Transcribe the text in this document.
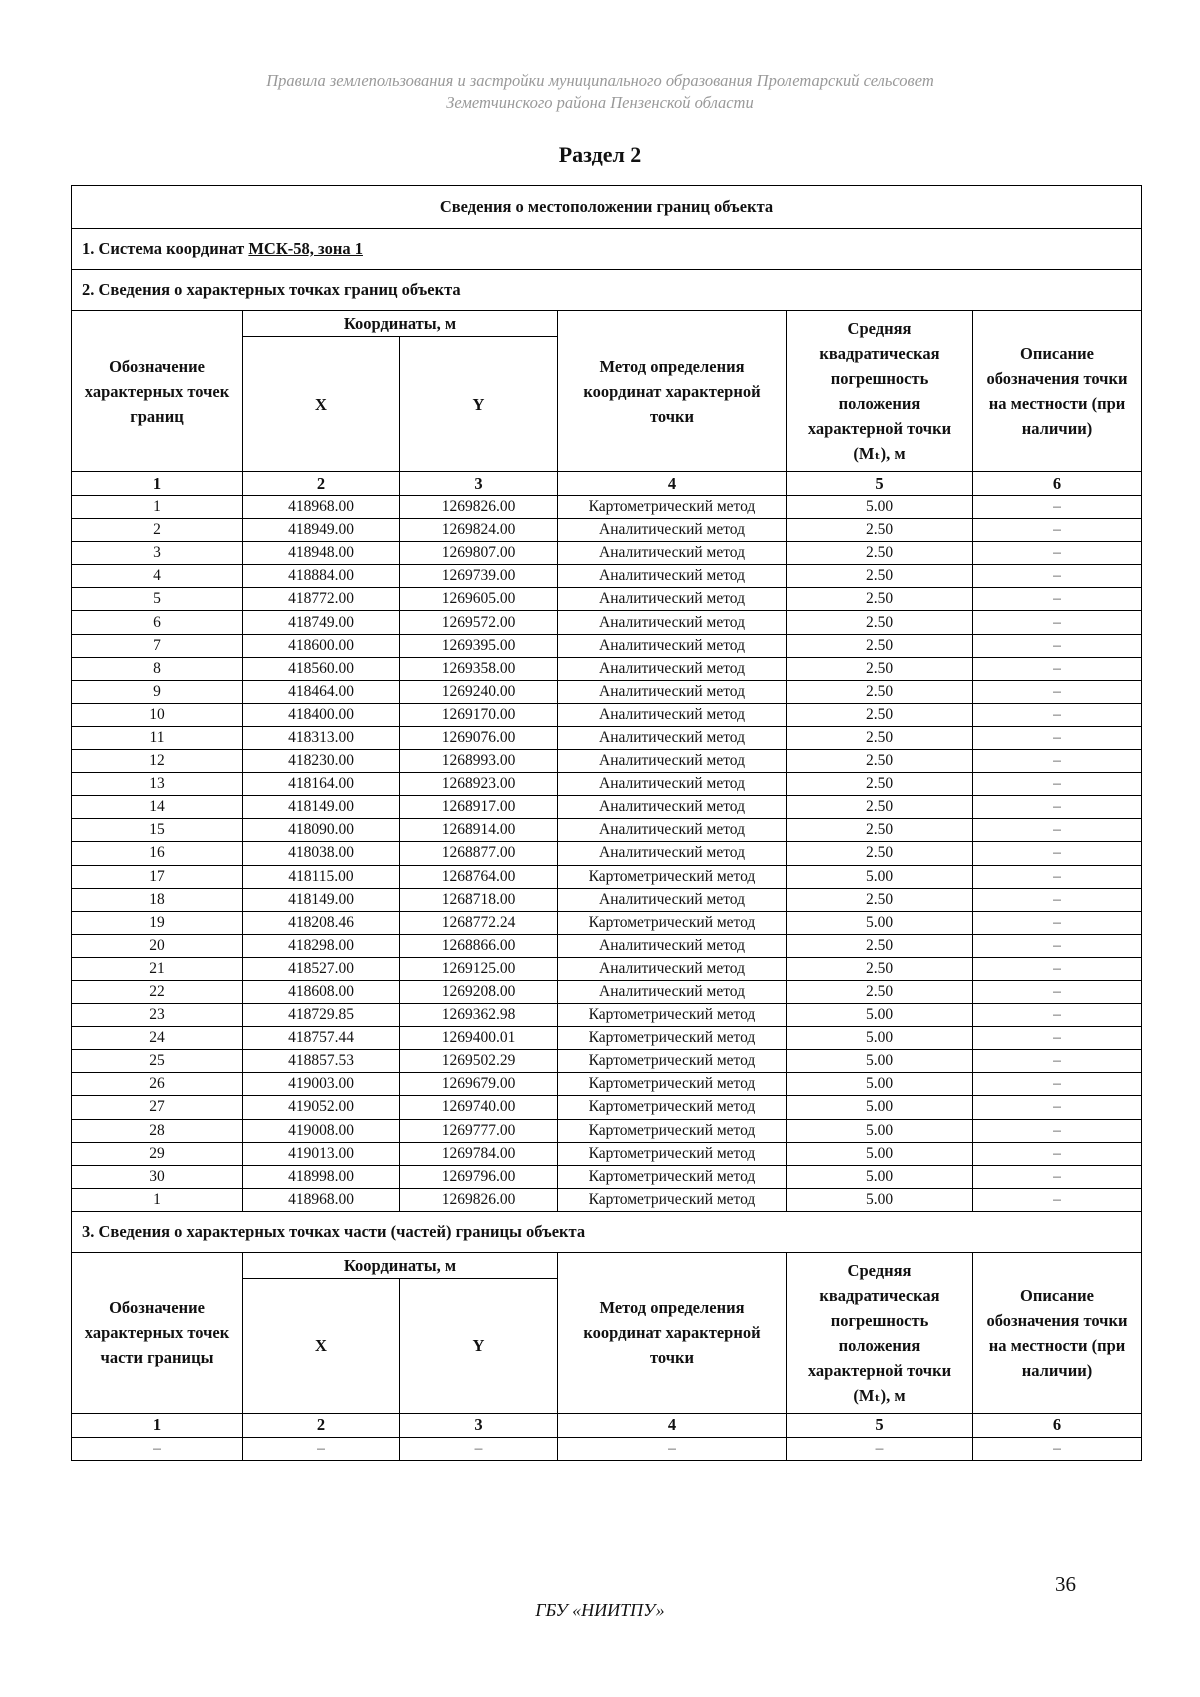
Правила землепользования и застройки муниципального образования Пролетарский сельсовет
Земетчинского района Пензенской области
Раздел 2
Сведения о местоположении границ объекта					
1. Система координат МСК-58, зона 1					
2. Сведения о характерных точках границ объекта					
Обозначение характерных точек границ	Координаты, м		Метод определения координат характерной точки	Средняя квадратическая погрешность положения характерной точки (Mₜ), м	Описание обозначения точки на местности (при наличии)
	X	Y			
1	2	3	4	5	6
1	418968.00	1269826.00	Картометрический метод	5.00	–
2	418949.00	1269824.00	Аналитический метод	2.50	–
3	418948.00	1269807.00	Аналитический метод	2.50	–
4	418884.00	1269739.00	Аналитический метод	2.50	–
5	418772.00	1269605.00	Аналитический метод	2.50	–
6	418749.00	1269572.00	Аналитический метод	2.50	–
7	418600.00	1269395.00	Аналитический метод	2.50	–
8	418560.00	1269358.00	Аналитический метод	2.50	–
9	418464.00	1269240.00	Аналитический метод	2.50	–
10	418400.00	1269170.00	Аналитический метод	2.50	–
11	418313.00	1269076.00	Аналитический метод	2.50	–
12	418230.00	1268993.00	Аналитический метод	2.50	–
13	418164.00	1268923.00	Аналитический метод	2.50	–
14	418149.00	1268917.00	Аналитический метод	2.50	–
15	418090.00	1268914.00	Аналитический метод	2.50	–
16	418038.00	1268877.00	Аналитический метод	2.50	–
17	418115.00	1268764.00	Картометрический метод	5.00	–
18	418149.00	1268718.00	Аналитический метод	2.50	–
19	418208.46	1268772.24	Картометрический метод	5.00	–
20	418298.00	1268866.00	Аналитический метод	2.50	–
21	418527.00	1269125.00	Аналитический метод	2.50	–
22	418608.00	1269208.00	Аналитический метод	2.50	–
23	418729.85	1269362.98	Картометрический метод	5.00	–
24	418757.44	1269400.01	Картометрический метод	5.00	–
25	418857.53	1269502.29	Картометрический метод	5.00	–
26	419003.00	1269679.00	Картометрический метод	5.00	–
27	419052.00	1269740.00	Картометрический метод	5.00	–
28	419008.00	1269777.00	Картометрический метод	5.00	–
29	419013.00	1269784.00	Картометрический метод	5.00	–
30	418998.00	1269796.00	Картометрический метод	5.00	–
1	418968.00	1269826.00	Картометрический метод	5.00	–
3. Сведения о характерных точках части (частей) границы объекта					
Обозначение характерных точек части границы	Координаты, м		Метод определения координат характерной точки	Средняя квадратическая погрешность положения характерной точки (Mₜ), м	Описание обозначения точки на местности (при наличии)
	X	Y			
1	2	3	4	5	6
–	–	–	–	–	–
36
ГБУ «НИИТПУ»
